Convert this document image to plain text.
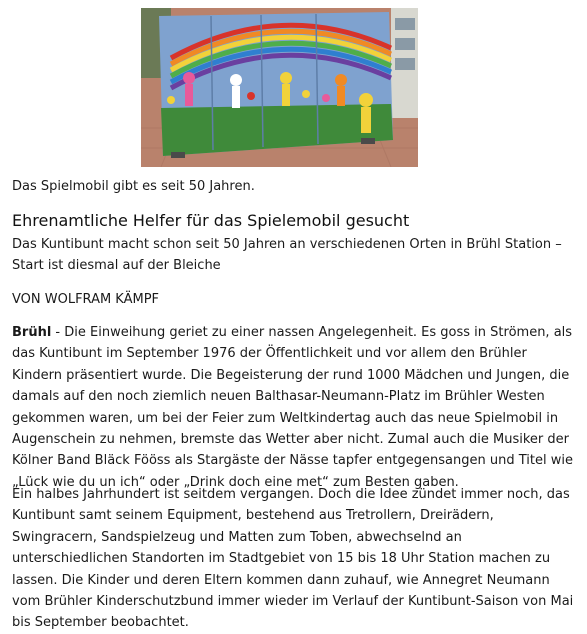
Das Spielmobil gibt es seit 50 Jahren.
Ehrenamtliche Helfer für das Spielemobil gesucht

Das Kuntibunt macht schon seit 50 Jahren an verschiedenen Orten in Brühl Station – Start ist diesmal auf der Bleiche

VON WOLFRAM KÄMPF

Brühl - Die Einweihung geriet zu einer nassen Angelegenheit. Es goss in Strömen, als das Kuntibunt im September 1976 der Öffentlichkeit und vor allem den Brühler Kindern präsentiert wurde. Die Begeisterung der rund 1000 Mädchen und Jungen, die damals auf den noch ziemlich neuen Balthasar-Neumann-Platz im Brühler Westen gekommen waren, um bei der Feier zum Weltkindertag auch das neue Spielmobil in Augenschein zu nehmen, bremste das Wetter aber nicht. Zumal auch die Musiker der Kölner Band Bläck Fööss als Stargäste der Nässe tapfer entgegensangen und Titel wie „Lück wie du un ich“ oder „Drink doch eine met“ zum Besten gaben.

Ein halbes Jahrhundert ist seitdem vergangen. Doch die Idee zündet immer noch, das Kuntibunt samt seinem Equipment, bestehend aus Tretrollern, Dreirädern, Swingracern, Sandspielzeug und Matten zum Toben, abwechselnd an unterschiedlichen Standorten im Stadtgebiet von 15 bis 18 Uhr Station machen zu lassen. Die Kinder und deren Eltern kommen dann zuhauf, wie Annegret Neumann vom Brühler Kinderschutzbund immer wieder im Verlauf der Kuntibunt-Saison von Mai bis September beobachtet.
